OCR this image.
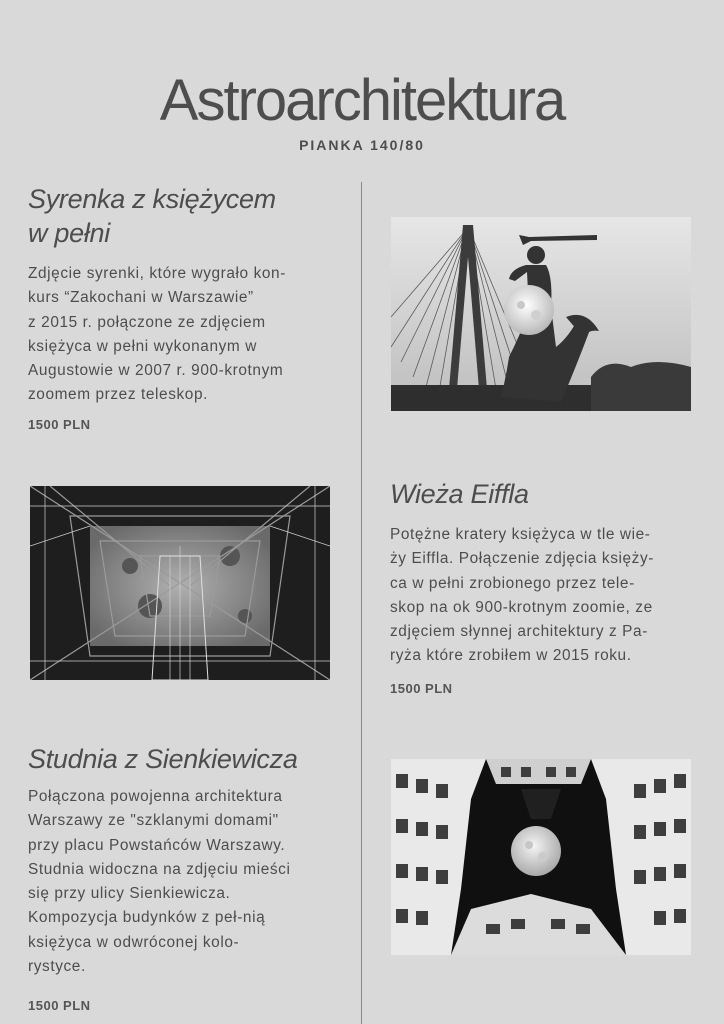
Astroarchitektura
PIANKA 140/80
Syrenka z księżycem
w pełni
Zdjęcie syrenki, które wygrało kon-
kurs “Zakochani w Warszawie”
z 2015 r. połączone ze zdjęciem
księżyca w pełni wykonanym w
Augustowie w 2007 r. 900-krotnym
zoomem przez teleskop.
1500 PLN
Wieża Eiffla
Potężne kratery księżyca w tle wie-
ży Eiffla. Połączenie zdjęcia księży-
ca w pełni zrobionego przez tele-
skop na ok 900-krotnym zoomie, ze
zdjęciem słynnej architektury z Pa-
ryża które zrobiłem w 2015 roku.
1500 PLN
Studnia z Sienkiewicza
Połączona powojenna architektura
Warszawy ze "szklanymi domami"
przy placu Powstańców Warszawy.
Studnia widoczna na zdjęciu mieści
się przy ulicy Sienkiewicza.
Kompozycja budynków z peł-nią
księżyca w odwróconej kolo-
rystyce.
1500 PLN
